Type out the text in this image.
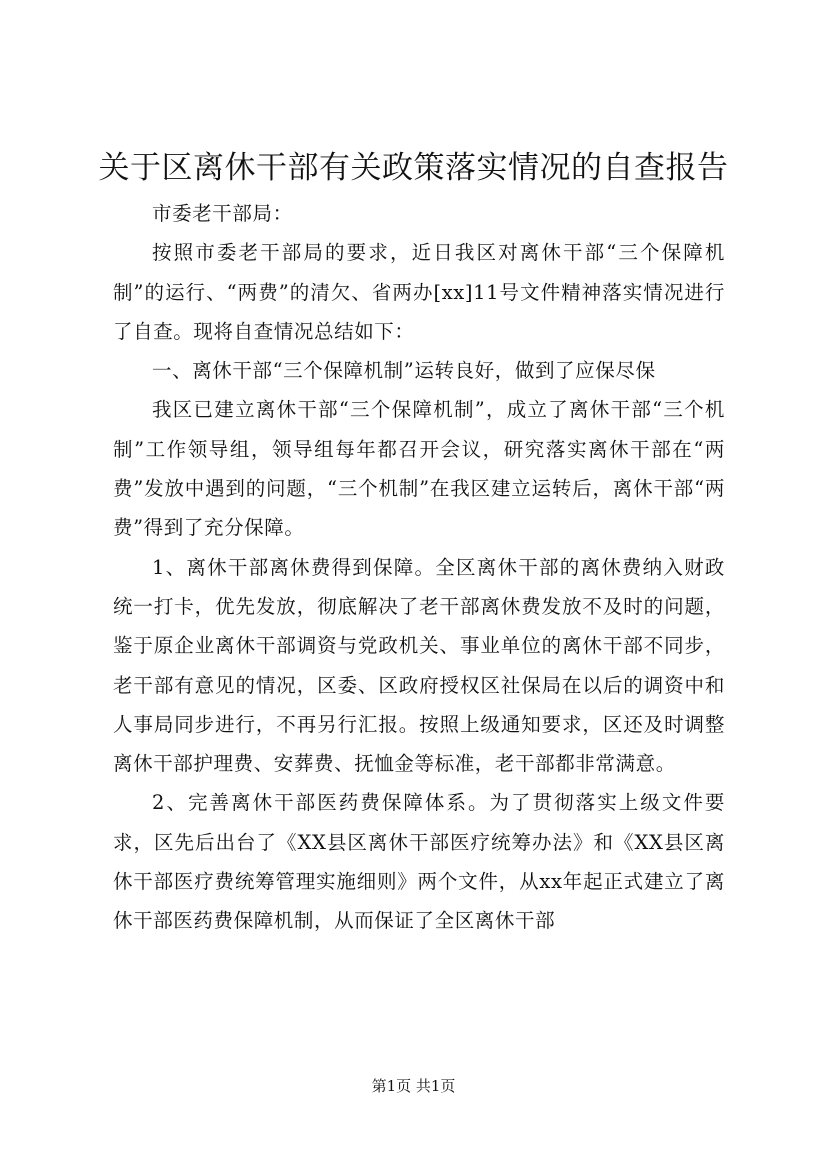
关于区离休干部有关政策落实情况的自查报告

市委老干部局：

按照市委老干部局的要求，近日我区对离休干部“三个保障机制”的运行、“两费”的清欠、省两办[xx]11号文件精神落实情况进行了自查。现将自查情况总结如下：

一、离休干部“三个保障机制”运转良好，做到了应保尽保

我区已建立离休干部“三个保障机制”，成立了离休干部“三个机制”工作领导组，领导组每年都召开会议，研究落实离休干部在“两费”发放中遇到的问题，“三个机制”在我区建立运转后，离休干部“两费”得到了充分保障。

1、离休干部离休费得到保障。全区离休干部的离休费纳入财政统一打卡，优先发放，彻底解决了老干部离休费发放不及时的问题，鉴于原企业离休干部调资与党政机关、事业单位的离休干部不同步，老干部有意见的情况，区委、区政府授权区社保局在以后的调资中和人事局同步进行，不再另行汇报。按照上级通知要求，区还及时调整离休干部护理费、安葬费、抚恤金等标准，老干部都非常满意。

2、完善离休干部医药费保障体系。为了贯彻落实上级文件要求，区先后出台了《XX县区离休干部医疗统筹办法》和《XX县区离休干部医疗费统筹管理实施细则》两个文件，从xx年起正式建立了离休干部医药费保障机制，从而保证了全区离休干部

第1页 共1页
